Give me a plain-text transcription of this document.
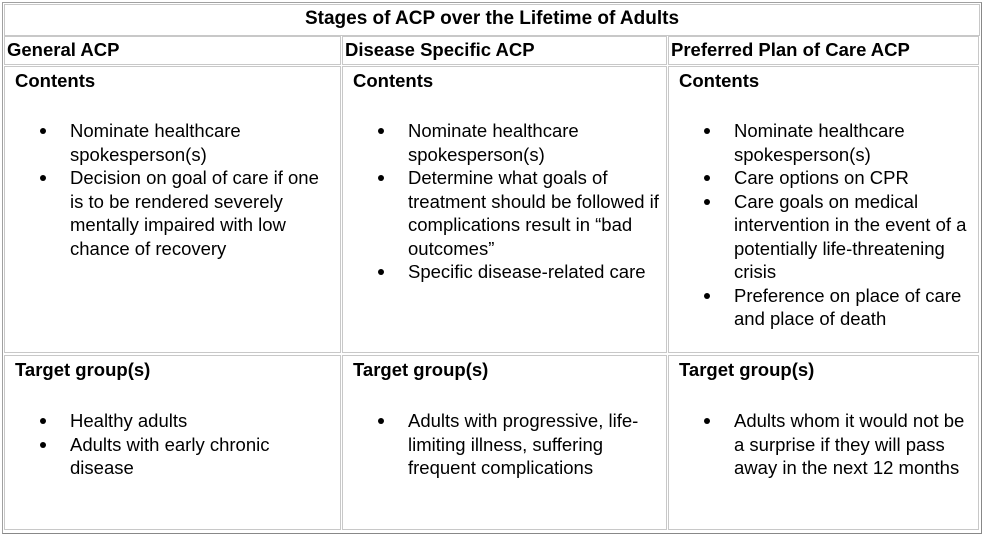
Stages of ACP over the Lifetime of Adults
General ACP	Disease Specific ACP	Preferred Plan of Care ACP
Contents
Nominate healthcare spokesperson(s)
Decision on goal of care if one is to be rendered severely mentally impaired with low chance of recovery
Contents
Nominate healthcare spokesperson(s)
Determine what goals of treatment should be followed if complications result in “bad outcomes”
Specific disease-related care
Contents
Nominate healthcare spokesperson(s)
Care options on CPR
Care goals on medical intervention in the event of a potentially life-threatening crisis
Preference on place of care and place of death
Target group(s)
Healthy adults
Adults with early chronic disease
Target group(s)
Adults with progressive, life-limiting illness, suffering frequent complications
Target group(s)
Adults whom it would not be a surprise if they will pass away in the next 12 months
